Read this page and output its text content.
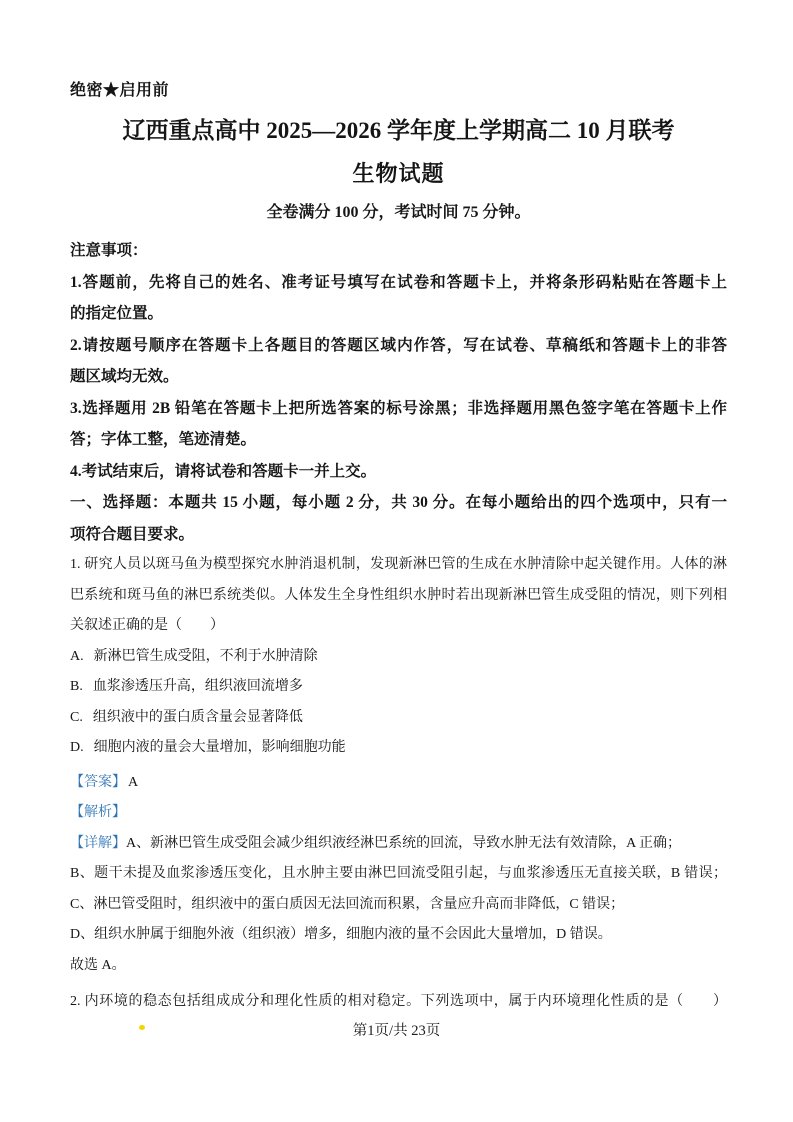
绝密★启用前
辽西重点高中 2025—2026 学年度上学期高二 10 月联考
生物试题
全卷满分 100 分，考试时间 75 分钟。
注意事项：
1.答题前，先将自己的姓名、准考证号填写在试卷和答题卡上，并将条形码粘贴在答题卡上
的指定位置。
2.请按题号顺序在答题卡上各题目的答题区域内作答，写在试卷、草稿纸和答题卡上的非答
题区域均无效。
3.选择题用 2B 铅笔在答题卡上把所选答案的标号涂黑；非选择题用黑色签字笔在答题卡上作
答；字体工整，笔迹清楚。
4.考试结束后，请将试卷和答题卡一并上交。
一、选择题：本题共 15 小题，每小题 2 分，共 30 分。在每小题给出的四个选项中，只有一
项符合题目要求。
1. 研究人员以斑马鱼为模型探究水肿消退机制，发现新淋巴管的生成在水肿清除中起关键作用。人体的淋
巴系统和斑马鱼的淋巴系统类似。人体发生全身性组织水肿时若出现新淋巴管生成受阻的情况，则下列相
关叙述正确的是（　　）
A. 新淋巴管生成受阻，不利于水肿清除
B. 血浆渗透压升高，组织液回流增多
C. 组织液中的蛋白质含量会显著降低
D. 细胞内液的量会大量增加，影响细胞功能
【答案】 A
【解析】
【详解】A、新淋巴管生成受阻会减少组织液经淋巴系统的回流，导致水肿无法有效清除，A 正确；
B、题干未提及血浆渗透压变化，且水肿主要由淋巴回流受阻引起，与血浆渗透压无直接关联，B 错误；
C、淋巴管受阻时，组织液中的蛋白质因无法回流而积累，含量应升高而非降低，C 错误；
D、组织水肿属于细胞外液（组织液）增多，细胞内液的量不会因此大量增加，D 错误。
故选 A。
2. 内环境的稳态包括组成成分和理化性质的相对稳定。下列选项中，属于内环境理化性质的是（　　）
第1页/共 23页
